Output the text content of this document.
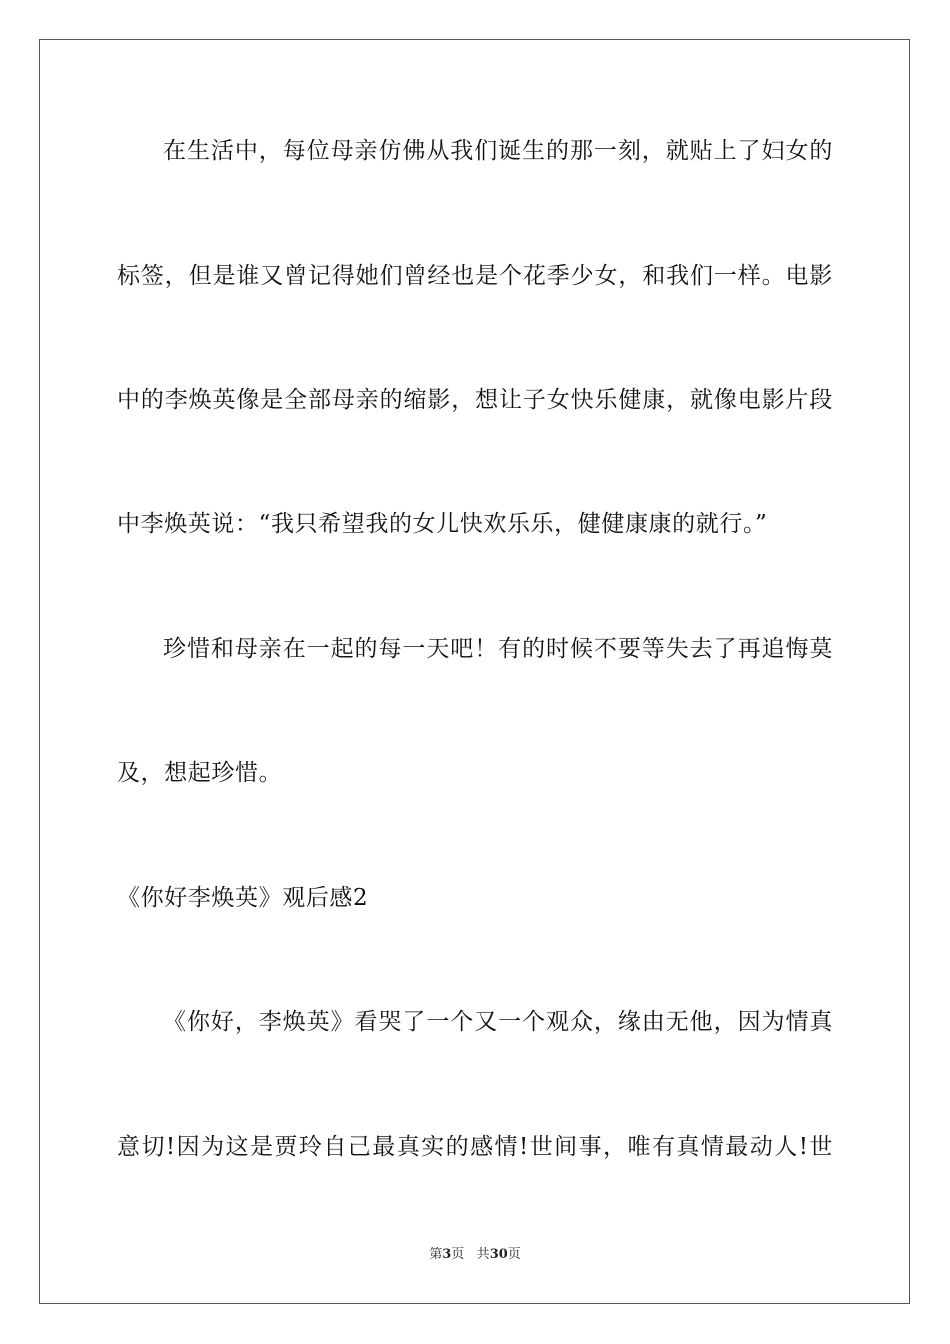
在生活中，每位母亲仿佛从我们诞生的那一刻，就贴上了妇女的
标签，但是谁又曾记得她们曾经也是个花季少女，和我们一样。电影
中的李焕英像是全部母亲的缩影，想让子女快乐健康，就像电影片段
中李焕英说：“我只希望我的女儿快欢乐乐，健健康康的就行。”
珍惜和母亲在一起的每一天吧！有的时候不要等失去了再追悔莫
及，想起珍惜。
《你好李焕英》观后感2
《你好，李焕英》看哭了一个又一个观众，缘由无他，因为情真
意切!因为这是贾玲自己最真实的感情!世间事，唯有真情最动人!世
第3页 共30页
